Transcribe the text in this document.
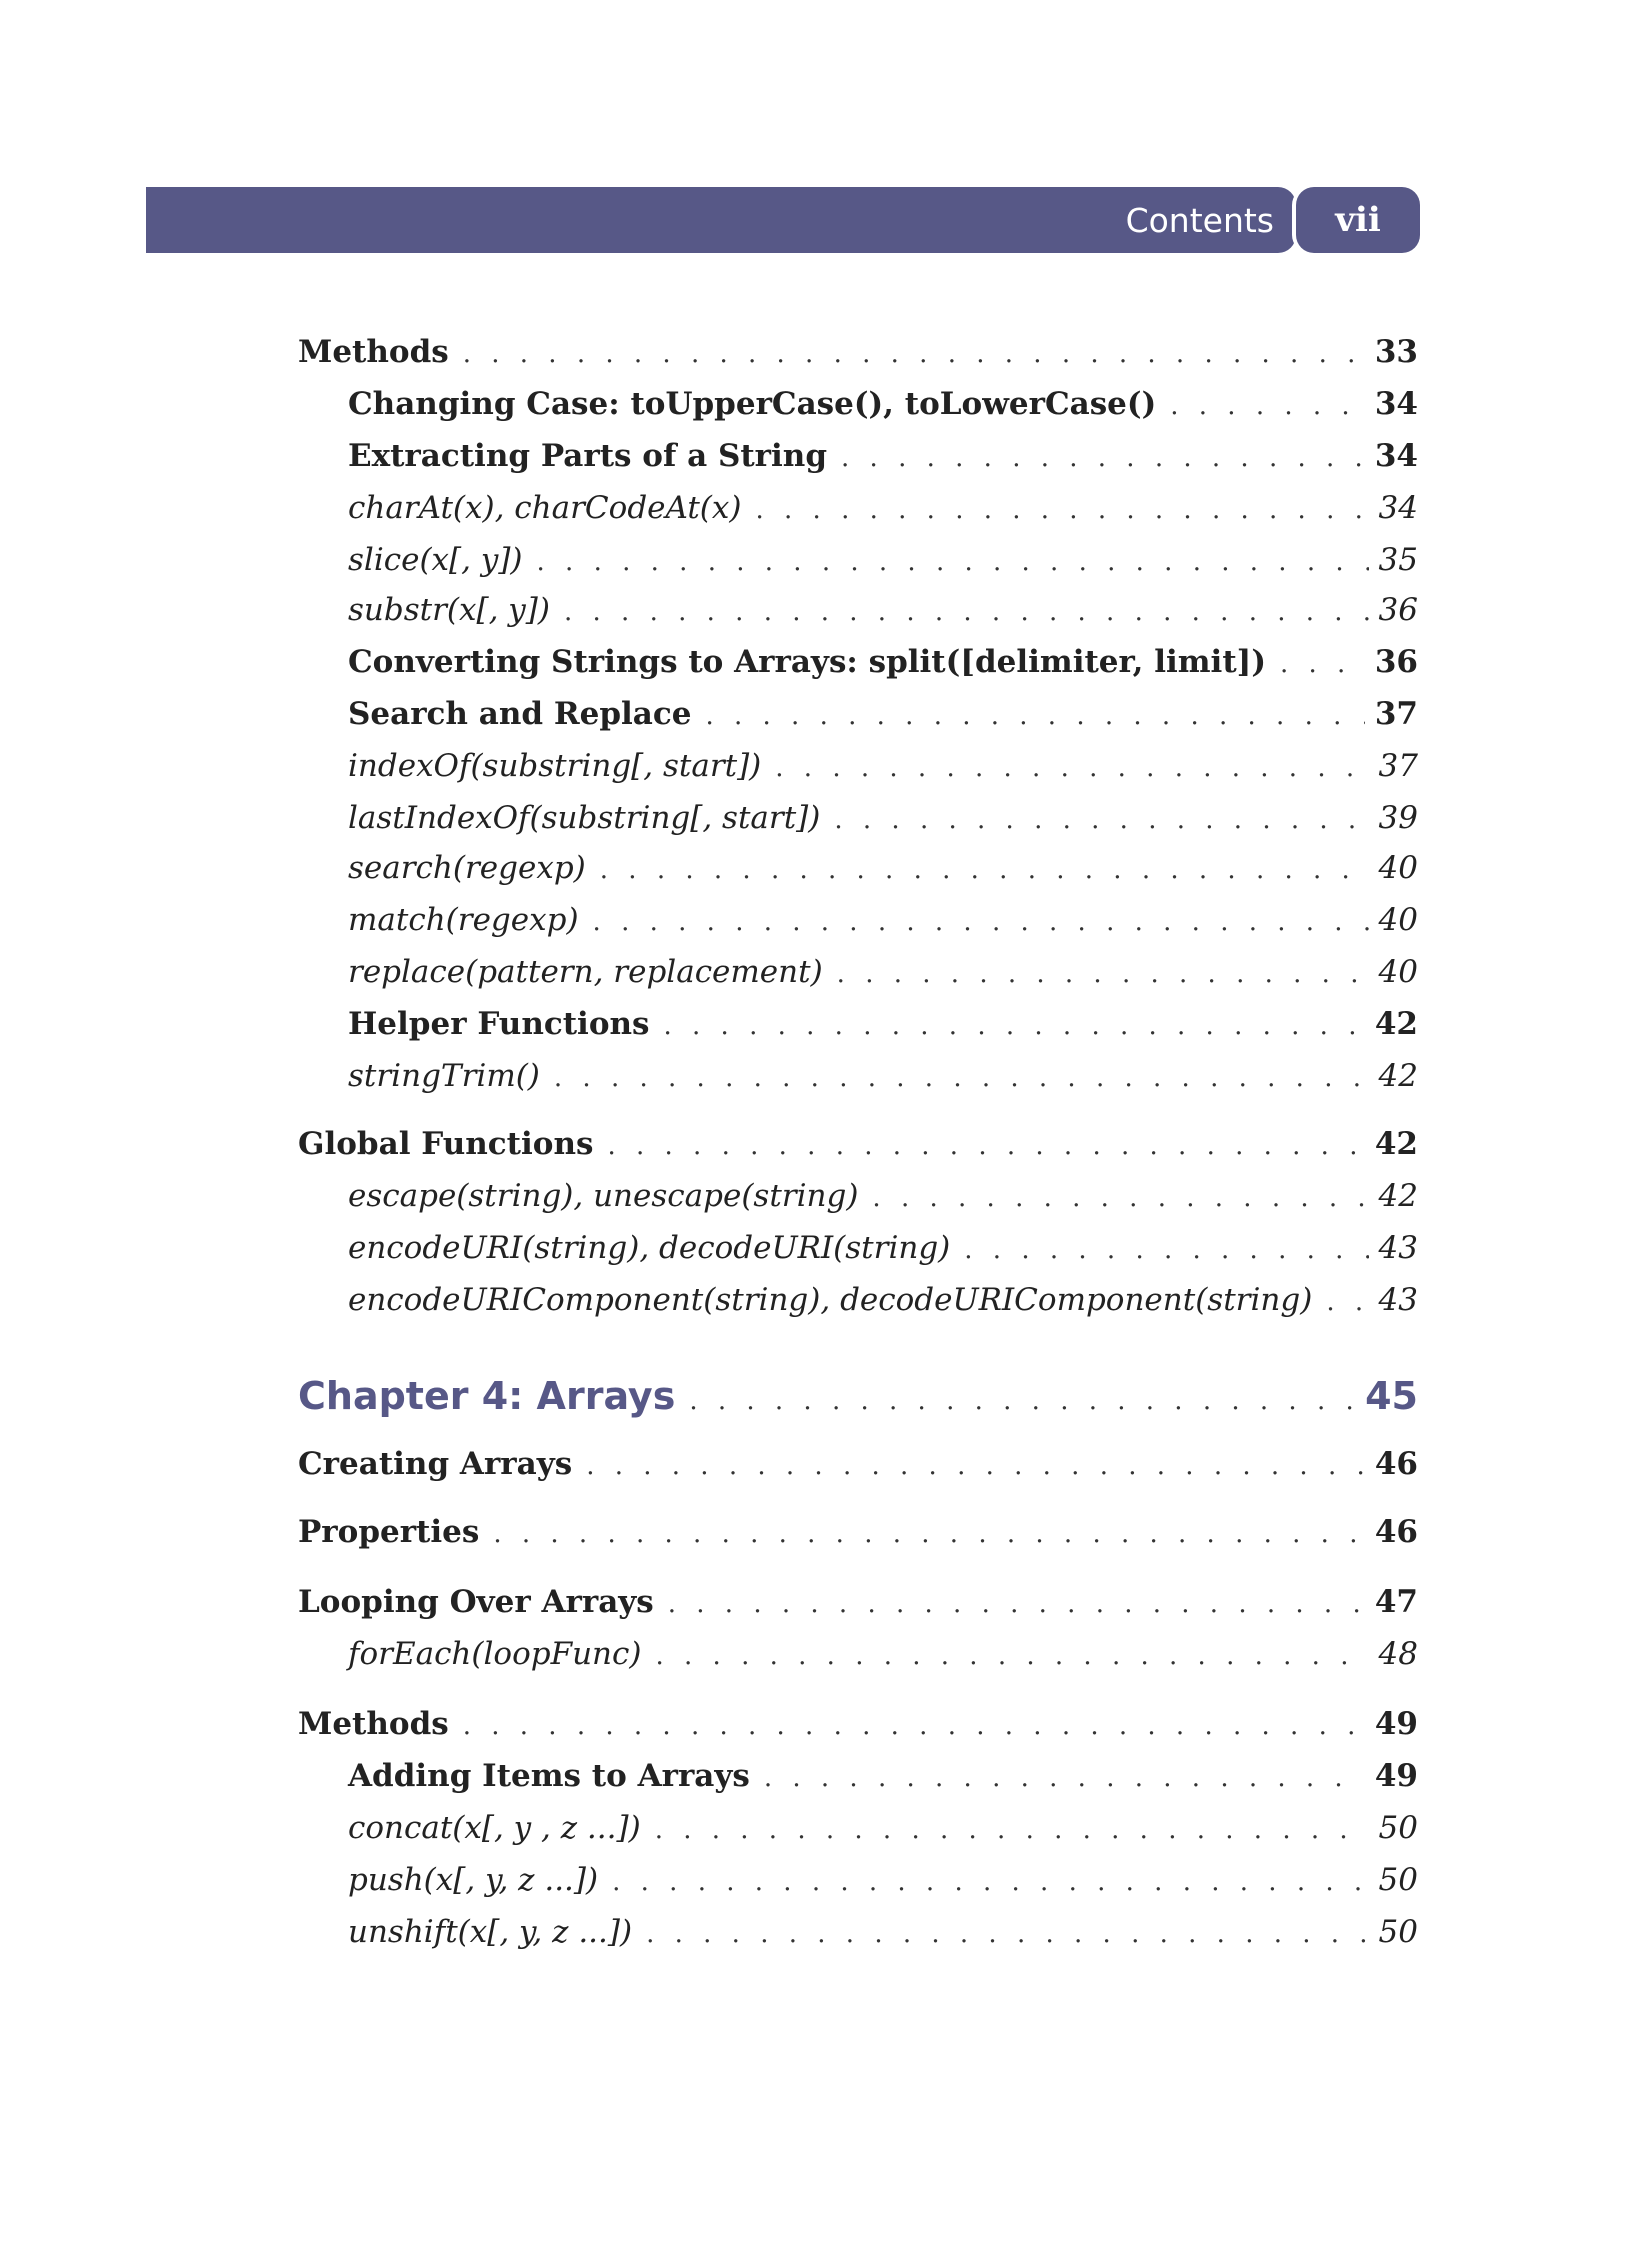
Contents	vii
Methods . . .	33
Changing Case: toUpperCase(), toLowerCase() . . .	34
Extracting Parts of a String . . .	34
charAt(x), charCodeAt(x) . . .	34
slice(x[, y]) . . .	35
substr(x[, y]) . . .	36
Converting Strings to Arrays: split([delimiter, limit]) . . .	36
Search and Replace . . .	37
indexOf(substring[, start]) . . .	37
lastIndexOf(substring[, start]) . . .	39
search(regexp) . . .	40
match(regexp) . . .	40
replace(pattern, replacement) . . .	40
Helper Functions . . .	42
stringTrim() . . .	42
Global Functions . . .	42
escape(string), unescape(string) . . .	42
encodeURI(string), decodeURI(string) . . .	43
encodeURIComponent(string), decodeURIComponent(string) . . .	43
Chapter 4: Arrays . . .	45
Creating Arrays . . .	46
Properties . . .	46
Looping Over Arrays . . .	47
forEach(loopFunc) . . .	48
Methods . . .	49
Adding Items to Arrays . . .	49
concat(x[, y , z ...]) . . .	50
push(x[, y, z ...]) . . .	50
unshift(x[, y, z ...]) . . .	50
